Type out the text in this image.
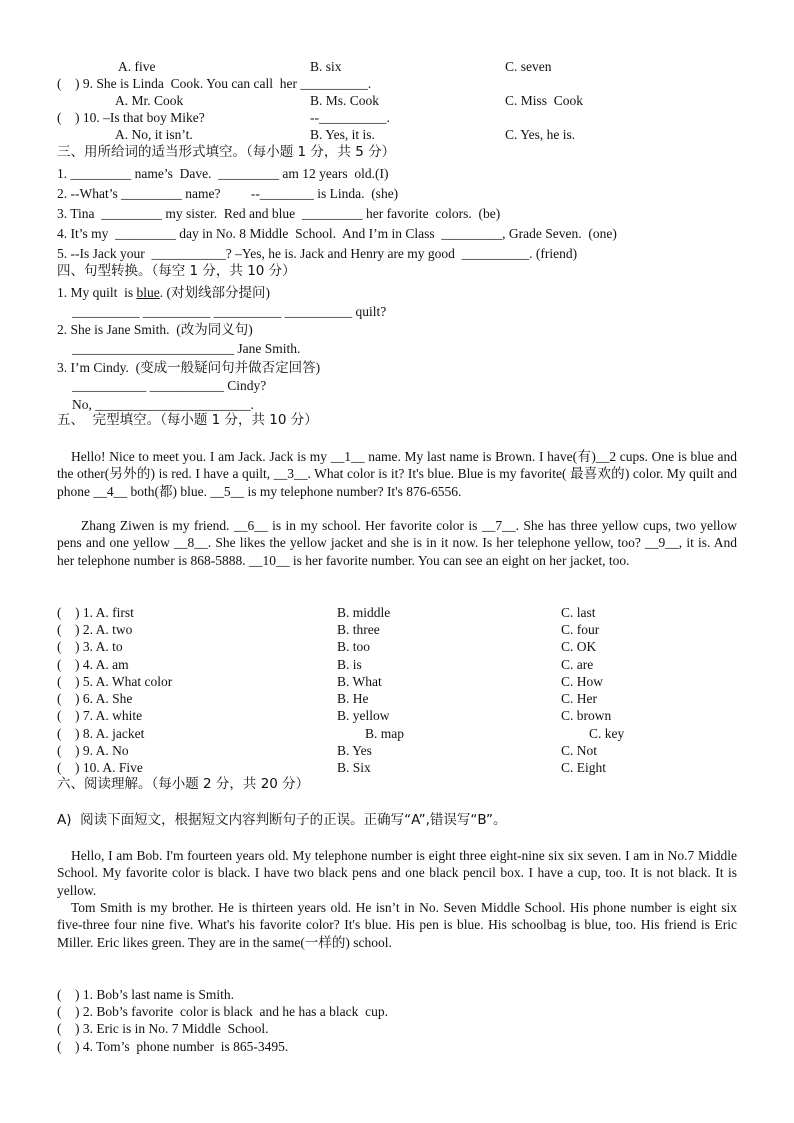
A. five	B. six	C. seven
(    ) 9. She is Linda  Cook. You can call  her __________.
A. Mr. Cook	B. Ms. Cook	C. Miss  Cook
(    ) 10. –Is that boy Mike?	--__________.
A. No, it isn’t.	B. Yes, it is.	C. Yes, he is.
三、用所给词的适当形式填空。（每小题 1 分，共 5 分）
1. _________ name’s  Dave.  _________ am 12 years  old.(I)
2. --What’s _________ name?         --________ is Linda.  (she)
3. Tina  _________ my sister.  Red and blue  _________ her favorite  colors.  (be)
4. It’s my  _________ day in No. 8 Middle  School.  And I’m in Class  _________, Grade Seven.  (one)
5. --Is Jack your  ___________? –Yes, he is. Jack and Henry are my good  __________. (friend)
四、句型转换。（每空 1 分，共 10 分）
1. My quilt  is blue. (对划线部分提问)
__________ __________ __________ __________ quilt?
2. She is Jane Smith.  (改为同义句)
________________________ Jane Smith.
3. I’m Cindy.  (变成一般疑问句并做否定回答)
___________ ___________ Cindy?
No, _______________________.
五、  完型填空。（每小题 1 分，共 10 分）
Hello! Nice to meet you. I am Jack. Jack is my __1__ name. My last name is Brown. I have(有)__2 cups. One is blue and the other(另外的) is red. I have a quilt, __3__. What color is it? It's blue. Blue is my favorite( 最喜欢的) color. My quilt and phone __4__ both(都) blue. __5__ is my telephone number? It's 876-6556.
Zhang Ziwen is my friend. __6__ is in my school. Her favorite color is __7__. She has three yellow cups, two yellow pens and one yellow __8__. She likes the yellow jacket and she is in it now. Is her telephone yellow, too? __9__, it is. And her telephone number is 868-5888. __10__ is her favorite number. You can see an eight on her jacket, too.
(    ) 1. A. first	B. middle	C. last
(    ) 2. A. two	B. three	C. four
(    ) 3. A. to	B. too	C. OK
(    ) 4. A. am	B. is	C. are
(    ) 5. A. What color	B. What	C. How
(    ) 6. A. She	B. He	C. Her
(    ) 7. A. white	B. yellow	C. brown
(    ) 8. A. jacket	B. map	C. key
(    ) 9. A. No	B. Yes	C. Not
(    ) 10. A. Five	B. Six	C. Eight
六、阅读理解。（每小题 2 分，共 20 分）
A)  阅读下面短文，根据短文内容判断句子的正误。正确写“A”,错误写“B”。
Hello, I am Bob. I'm fourteen years old. My telephone number is eight three eight-nine six six seven. I am in No.7 Middle School. My favorite color is black. I have two black pens and one black pencil box. I have a cup, too. It is not black. It is yellow.
Tom Smith is my brother. He is thirteen years old. He isn’t in No. Seven Middle School. His phone number is eight six five-three four nine five. What's his favorite color? It's blue. His pen is blue. His schoolbag is blue, too. His friend is Eric Miller. Eric likes green. They are in the same(一样的) school.
(    ) 1. Bob’s last name is Smith.
(    ) 2. Bob’s favorite  color is black  and he has a black  cup.
(    ) 3. Eric is in No. 7 Middle  School.
(    ) 4. Tom’s  phone number  is 865-3495.
